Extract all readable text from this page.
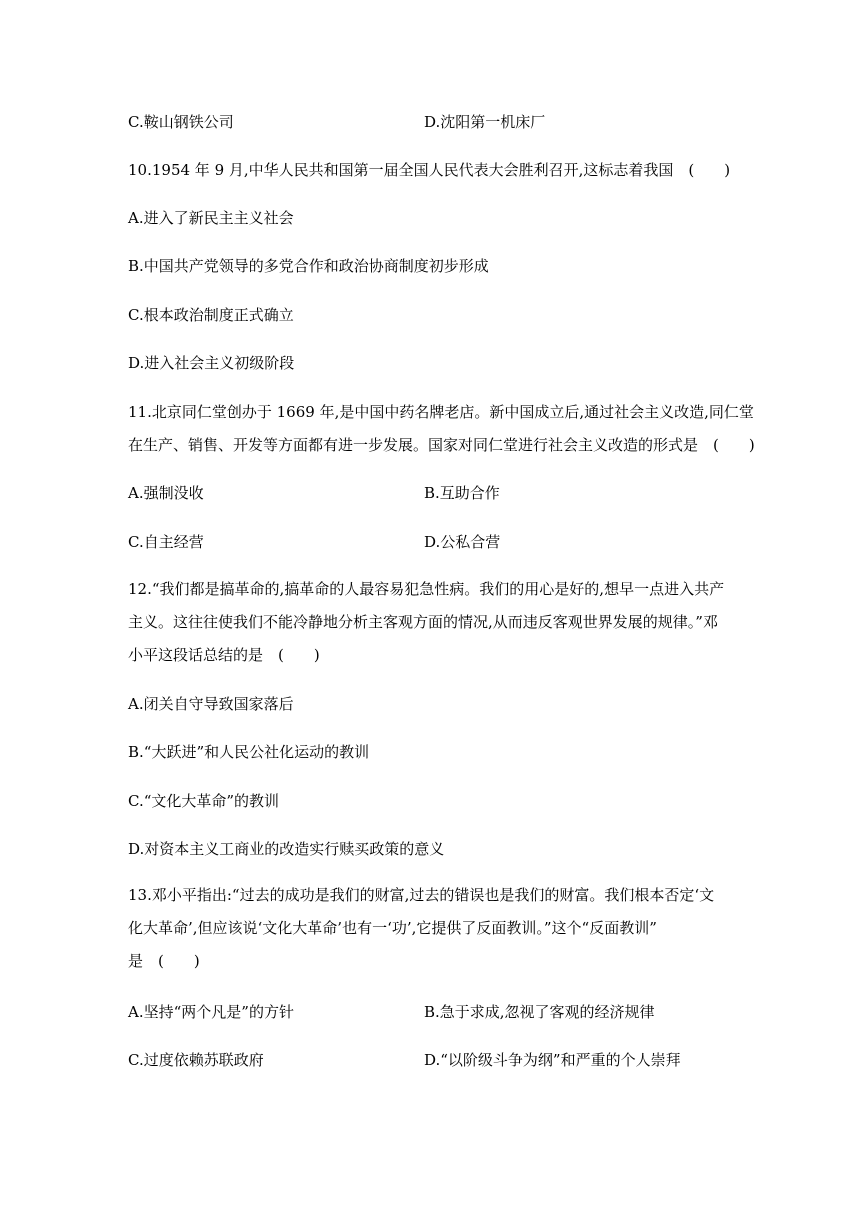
C.鞍山钢铁公司	D.沈阳第一机床厂
10.1954 年 9 月,中华人民共和国第一届全国人民代表大会胜利召开,这标志着我国　(　　)
A.进入了新民主主义社会
B.中国共产党领导的多党合作和政治协商制度初步形成
C.根本政治制度正式确立
D.进入社会主义初级阶段
11.北京同仁堂创办于 1669 年,是中国中药名牌老店。新中国成立后,通过社会主义改造,同仁堂
在生产、销售、开发等方面都有进一步发展。国家对同仁堂进行社会主义改造的形式是　(　　)
A.强制没收	B.互助合作
C.自主经营	D.公私合营
12.“我们都是搞革命的,搞革命的人最容易犯急性病。我们的用心是好的,想早一点进入共产
主义。这往往使我们不能冷静地分析主客观方面的情况,从而违反客观世界发展的规律。”邓
小平这段话总结的是　(　　)
A.闭关自守导致国家落后
B.“大跃进”和人民公社化运动的教训
C.“文化大革命”的教训
D.对资本主义工商业的改造实行赎买政策的意义
13.邓小平指出:“过去的成功是我们的财富,过去的错误也是我们的财富。我们根本否定‘文
化大革命’,但应该说‘文化大革命’也有一‘功’,它提供了反面教训。”这个“反面教训”
是　(　　)
A.坚持“两个凡是”的方针	B.急于求成,忽视了客观的经济规律
C.过度依赖苏联政府	D.“以阶级斗争为纲”和严重的个人崇拜
